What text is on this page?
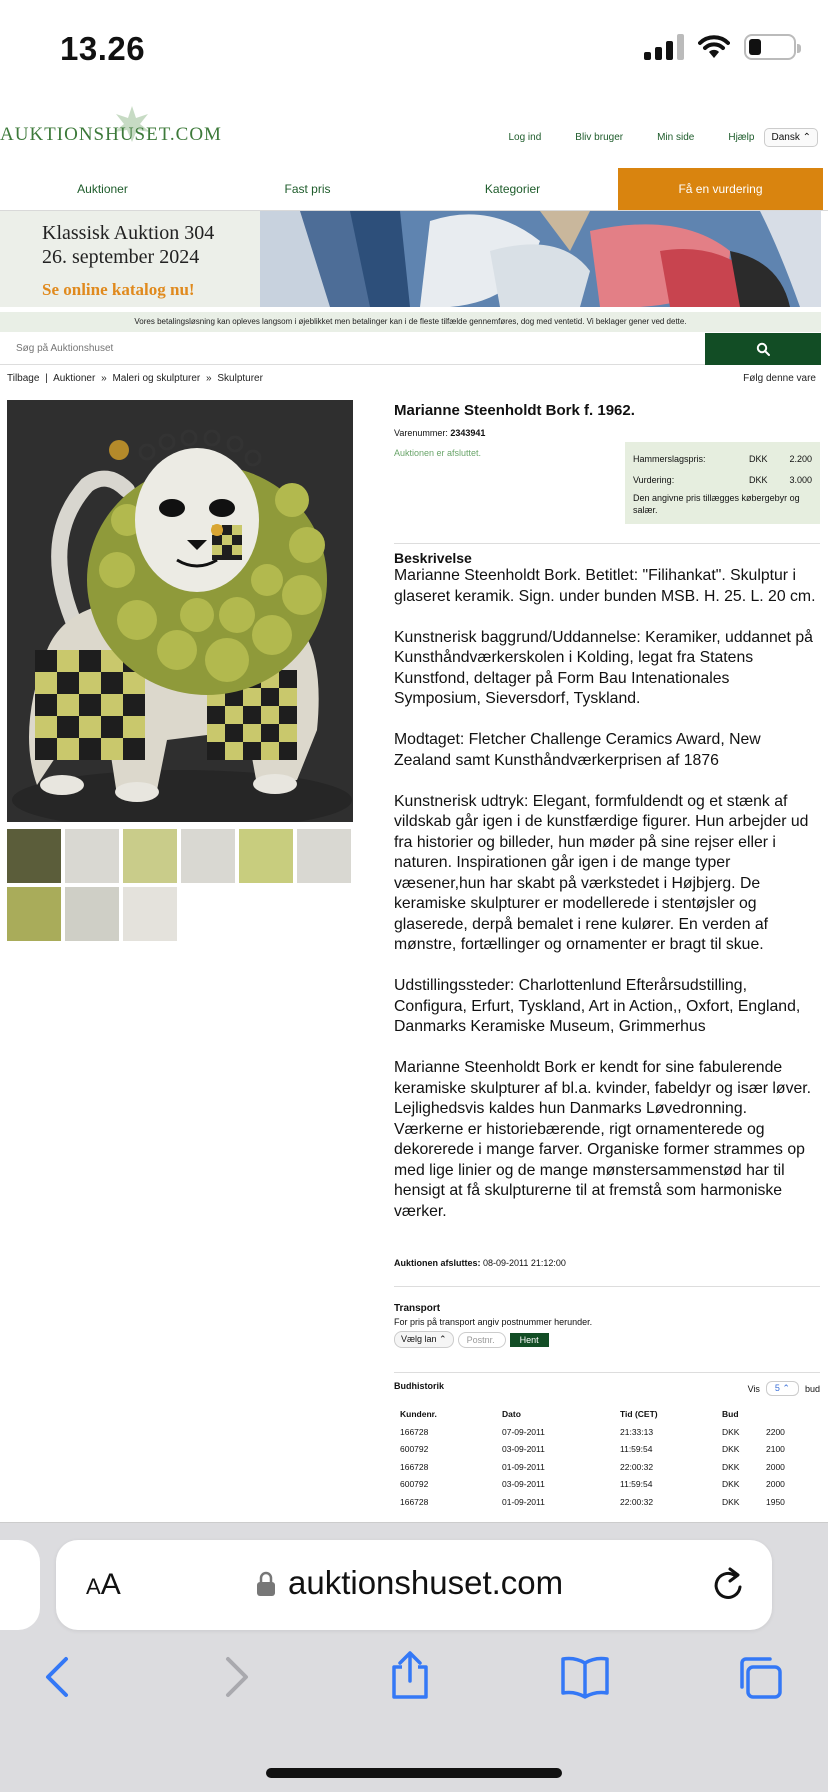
13.26
AUKTIONSHUSET.COM	Log ind	Bliv bruger	Min side	Hjælp	Dansk ⌃
Auktioner	Fast pris	Kategorier	Få en vurdering
Klassisk Auktion 304
26. september 2024
Se online katalog nu!
Vores betalingsløsning kan opleves langsom i øjeblikket men betalinger kan i de fleste tilfælde gennemføres, dog med ventetid. Vi beklager gener ved dette.
Søg på Auktionshuset
Tilbage | Auktioner » Maleri og skulpturer » Skulpturer	Følg denne vare
Marianne Steenholdt Bork f. 1962.
Varenummer: 2343941
Auktionen er afsluttet.
Hammerslagspris:	DKK	2.200
Vurdering:	DKK	3.000
Den angivne pris tillægges købergebyr og salær.
Beskrivelse

Marianne Steenholdt Bork. Betitlet: "Filihankat". Skulptur i glaseret keramik. Sign. under bunden MSB. H. 25. L. 20 cm.

Kunstnerisk baggrund/Uddannelse: Keramiker, uddannet på Kunsthåndværkerskolen i Kolding, legat fra Statens Kunstfond, deltager på Form Bau Intenationales Symposium, Sieversdorf, Tyskland.

Modtaget: Fletcher Challenge Ceramics Award, New Zealand samt Kunsthåndværkerprisen af 1876

Kunstnerisk udtryk: Elegant, formfuldendt og et stænk af vildskab går igen i de kunstfærdige figurer. Hun arbejder ud fra historier og billeder, hun møder på sine rejser eller i naturen. Inspirationen går igen i de mange typer væsener,hun har skabt på værkstedet i Højbjerg. De keramiske skulpturer er modellerede i stentøjsler og glaserede, derpå bemalet i rene kulører. En verden af mønstre, fortællinger og ornamenter er bragt til skue.

Udstillingssteder: Charlottenlund Efterårsudstilling, Configura, Erfurt, Tyskland, Art in Action,, Oxfort, England, Danmarks Keramiske Museum, Grimmerhus

Marianne Steenholdt Bork er kendt for sine fabulerende keramiske skulpturer af bl.a. kvinder, fabeldyr og især løver. Lejlighedsvis kaldes hun Danmarks Løvedronning. Værkerne er historiebærende, rigt ornamenterede og dekorerede i mange farver. Organiske former strammes op med lige linier og de mange mønstersammenstød har til hensigt at få skulpturerne til at fremstå som harmoniske værker.

Auktionen afsluttes: 08-09-2011 21:12:00
Transport
For pris på transport angiv postnummer herunder.
Vælg lan ⌃	Postnr.	Hent
Budhistorik	Vis	5 ⌃	bud
Kundenr.	Dato	Tid (CET)	Bud	
166728	07-09-2011	21:33:13	DKK	2200
600792	03-09-2011	11:59:54	DKK	2100
166728	01-09-2011	22:00:32	DKK	2000
600792	03-09-2011	11:59:54	DKK	2000
166728	01-09-2011	22:00:32	DKK	1950
AA	auktionshuset.com
